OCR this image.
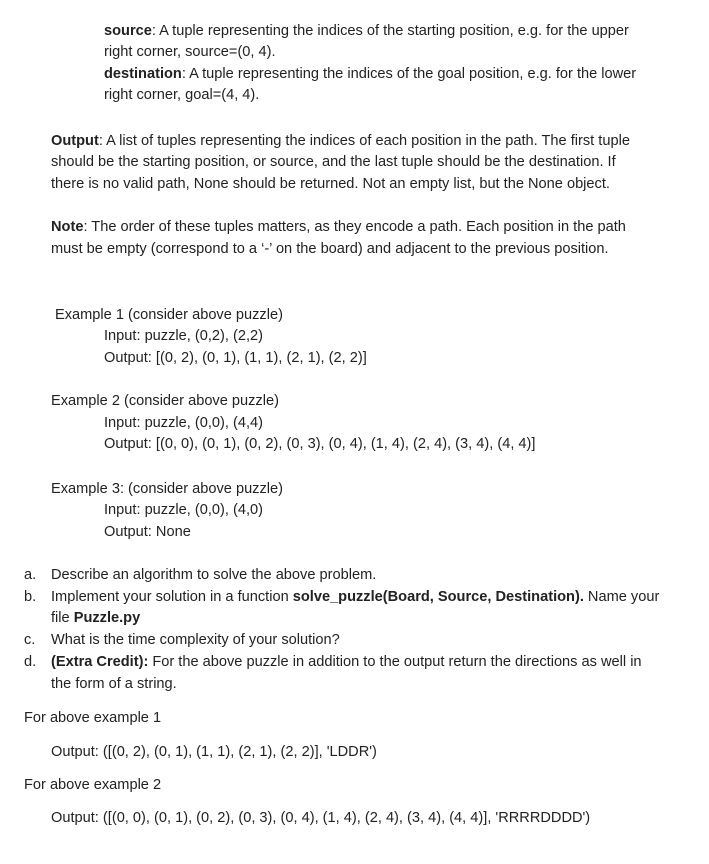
source: A tuple representing the indices of the starting position, e.g. for the upper

right corner, source=(0, 4).

destination: A tuple representing the indices of the goal position, e.g. for the lower

right corner, goal=(4, 4).

Output: A list of tuples representing the indices of each position in the path. The first tuple

should be the starting position, or source, and the last tuple should be the destination. If

there is no valid path, None should be returned. Not an empty list, but the None object.

Note: The order of these tuples matters, as they encode a path. Each position in the path

must be empty (correspond to a ‘-’ on the board) and adjacent to the previous position.

Example 1 (consider above puzzle)

Input: puzzle, (0,2), (2,2)

Output: [(0, 2), (0, 1), (1, 1), (2, 1), (2, 2)]

Example 2 (consider above puzzle)

Input: puzzle, (0,0), (4,4)

Output: [(0, 0), (0, 1), (0, 2), (0, 3), (0, 4), (1, 4), (2, 4), (3, 4), (4, 4)]

Example 3: (consider above puzzle)

Input: puzzle, (0,0), (4,0)

Output: None

a. Describe an algorithm to solve the above problem.

b. Implement your solution in a function solve_puzzle(Board, Source, Destination). Name your

file Puzzle.py

c. What is the time complexity of your solution?

d. (Extra Credit): For the above puzzle in addition to the output return the directions as well in

the form of a string.

For above example 1

Output: ([(0, 2), (0, 1), (1, 1), (2, 1), (2, 2)], 'LDDR')

For above example 2

Output: ([(0, 0), (0, 1), (0, 2), (0, 3), (0, 4), (1, 4), (2, 4), (3, 4), (4, 4)], 'RRRRDDDD')
